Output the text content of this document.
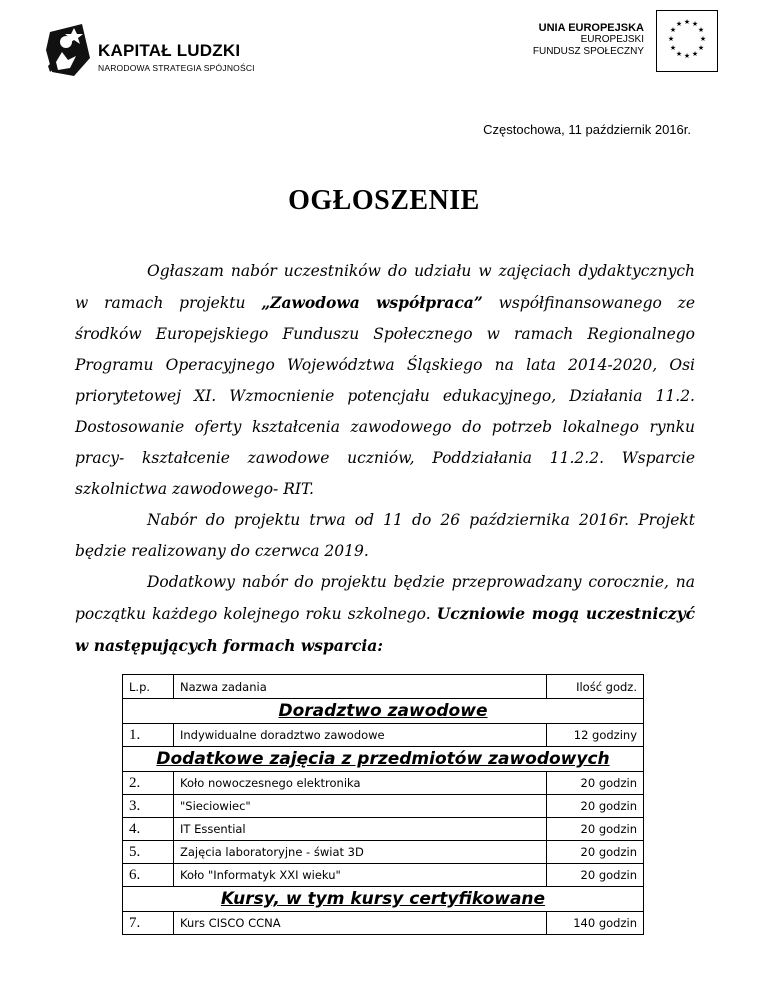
KAPITAŁ LUDZKI
NARODOWA STRATEGIA SPÓJNOŚCI
UNIA EUROPEJSKA
EUROPEJSKI
FUNDUSZ SPOŁECZNY
★ ★
★
★
★
★
★
★
★
★
★
★
Częstochowa, 11 październik 2016r.
OGŁOSZENIE

Ogłaszam nabór uczestników do udziału w zajęciach dydaktycznych w ramach projektu „Zawodowa współpraca” współfinansowanego ze środków Europejskiego Funduszu Społecznego w ramach Regionalnego Programu Operacyjnego Województwa Śląskiego na lata 2014-2020, Osi priorytetowej XI. Wzmocnienie potencjału edukacyjnego, Działania 11.2. Dostosowanie oferty kształcenia zawodowego do potrzeb lokalnego rynku pracy- kształcenie zawodowe uczniów, Poddziałania 11.2.2. Wsparcie szkolnictwa zawodowego- RIT.

Nabór do projektu trwa od 11 do 26 października 2016r. Projekt będzie realizowany do czerwca 2019.

Dodatkowy nabór do projektu będzie przeprowadzany corocznie, na początku każdego kolejnego roku szkolnego. Uczniowie mogą uczestniczyć w następujących formach wsparcia:

L.p.	Nazwa zadania	Ilość godz.
Doradztwo zawodowe		
1.	Indywidualne doradztwo zawodowe	12 godziny
Dodatkowe zajęcia z przedmiotów zawodowych		
2.	Koło nowoczesnego elektronika	20 godzin
3.	"Sieciowiec"	20 godzin
4.	IT Essential	20 godzin
5.	Zajęcia laboratoryjne - świat 3D	20 godzin
6.	Koło "Informatyk XXI wieku"	20 godzin
Kursy, w tym kursy certyfikowane		
7.	Kurs CISCO CCNA	140 godzin
